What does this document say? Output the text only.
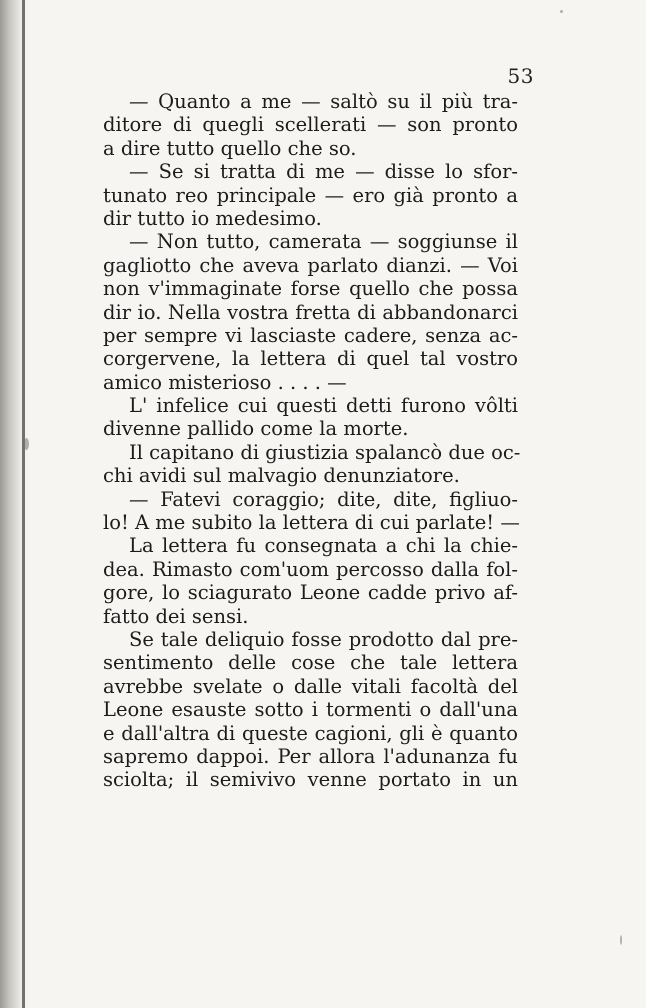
53
— Quanto a me — saltò su il più tra-
ditore di quegli scellerati — son pronto
a dire tutto quello che so.
— Se si tratta di me — disse lo sfor-
tunato reo principale — ero già pronto a
dir tutto io medesimo.
— Non tutto, camerata — soggiunse il
gagliotto che aveva parlato dianzi. — Voi
non v'immaginate forse quello che possa
dir io. Nella vostra fretta di abbandonarci
per sempre vi lasciaste cadere, senza ac-
corgervene, la lettera di quel tal vostro
amico misterioso . . . . —
L' infelice cui questi detti furono vôlti
divenne pallido come la morte.
Il capitano di giustizia spalancò due oc-
chi avidi sul malvagio denunziatore.
— Fatevi coraggio; dite, dite, figliuo-
lo! A me subito la lettera di cui parlate! —
La lettera fu consegnata a chi la chie-
dea. Rimasto com'uom percosso dalla fol-
gore, lo sciagurato Leone cadde privo af-
fatto dei sensi.
Se tale deliquio fosse prodotto dal pre-
sentimento delle cose che tale lettera
avrebbe svelate o dalle vitali facoltà del
Leone esauste sotto i tormenti o dall'una
e dall'altra di queste cagioni, gli è quanto
sapremo dappoi. Per allora l'adunanza fu
sciolta; il semivivo venne portato in un
